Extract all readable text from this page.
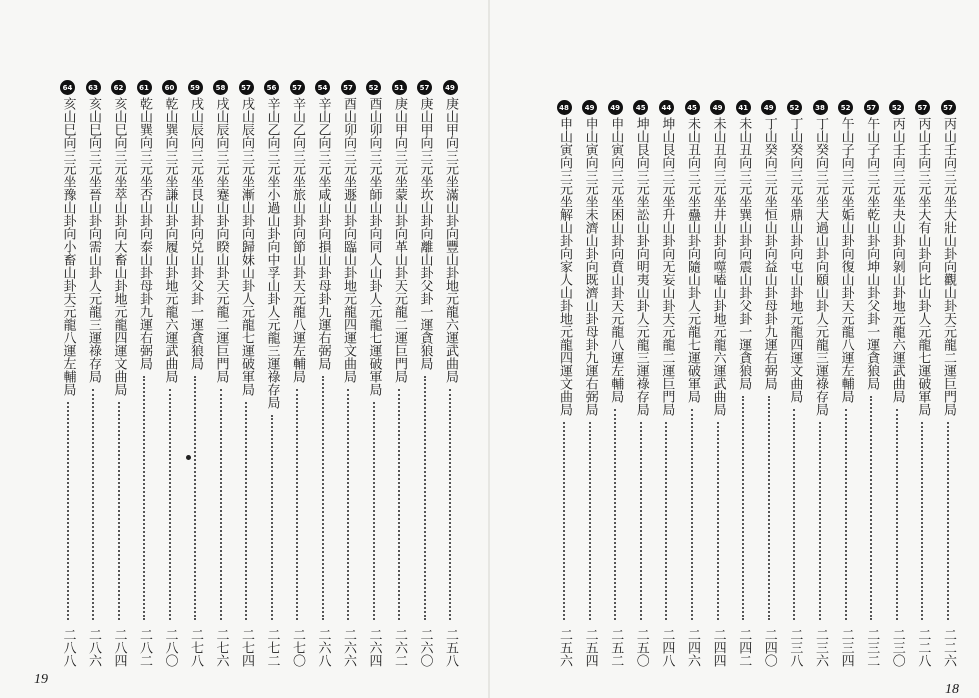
49
庚山甲向三元坐滿山卦向豐山卦地元龍六運武曲局
二五八
57
庚山甲向三元坐坎山卦向離山卦父卦一運貪狼局
二六〇
51
庚山甲向三元坐蒙山卦向革山卦天元龍二運巨門局
二六二
52
酉山卯向三元坐師山卦向同人山卦人元龍七運破軍局
二六四
57
酉山卯向三元坐遯山卦向臨山卦地元龍四運文曲局
二六六
54
辛山乙向三元坐咸山卦向損山卦母卦九運右弼局
二六八
57
辛山乙向三元坐旅山卦向節山卦天元龍八運左輔局
二七〇
56
辛山乙向三元坐小過山卦向中孚山卦人元龍三運祿存局
二七二
57
戌山辰向三元坐漸山卦向歸妹山卦人元龍七運破軍局
二七四
58
戌山辰向三元坐蹇山卦向睽山卦天元龍二運巨門局
二七六
59
戌山辰向三元坐艮山卦向兑山卦父卦一運貪狼局
二七八
60
乾山巽向三元坐謙山卦向履山卦地元龍六運武曲局
二八〇
61
乾山巽向三元坐否山卦向泰山卦母卦九運右弼局
二八二
62
亥山巳向三元坐萃山卦向大畜山卦地元龍四運文曲局
二八四
63
亥山巳向三元坐晉山卦向需山卦人元龍三運祿存局
二八六
64
亥山巳向三元坐豫山卦向小畜山卦天元龍八運左輔局
二八八
19
57
丙山壬向三元坐大壯山卦向觀山卦天元龍二運巨門局
二二六
57
丙山壬向三元坐大有山卦向比山卦人元龍七運破軍局
二二八
52
丙山壬向三元坐夬山卦向剝山卦地元龍六運武曲局
二三〇
57
午山子向三元坐乾山卦向坤山卦父卦一運貪狼局
二三二
52
午山子向三元坐姤山卦向復山卦天元龍八運左輔局
二三四
38
丁山癸向三元坐大過山卦向頤山卦人元龍三運祿存局
二三六
52
丁山癸向三元坐鼎山卦向屯山卦地元龍四運文曲局
二三八
49
丁山癸向三元坐恒山卦向益山卦母卦九運右弼局
二四〇
41
未山丑向三元坐巽山卦向震山卦父卦一運貪狼局
二四二
49
未山丑向三元坐井山卦向噬嗑山卦地元龍六運武曲局
二四四
45
未山丑向三元坐蠱山卦向隨山卦人元龍七運破軍局
二四六
44
坤山艮向三元坐升山卦向无妄山卦天元龍二運巨門局
二四八
45
坤山艮向三元坐訟山卦向明夷山卦人元龍三運祿存局
二五〇
49
申山寅向三元坐困山卦向賁山卦天元龍八運左輔局
二五二
49
申山寅向三元坐未濟山卦向既濟山卦母卦九運右弼局
二五四
48
申山寅向三元坐解山卦向家人山卦地元龍四運文曲局
二五六
18
